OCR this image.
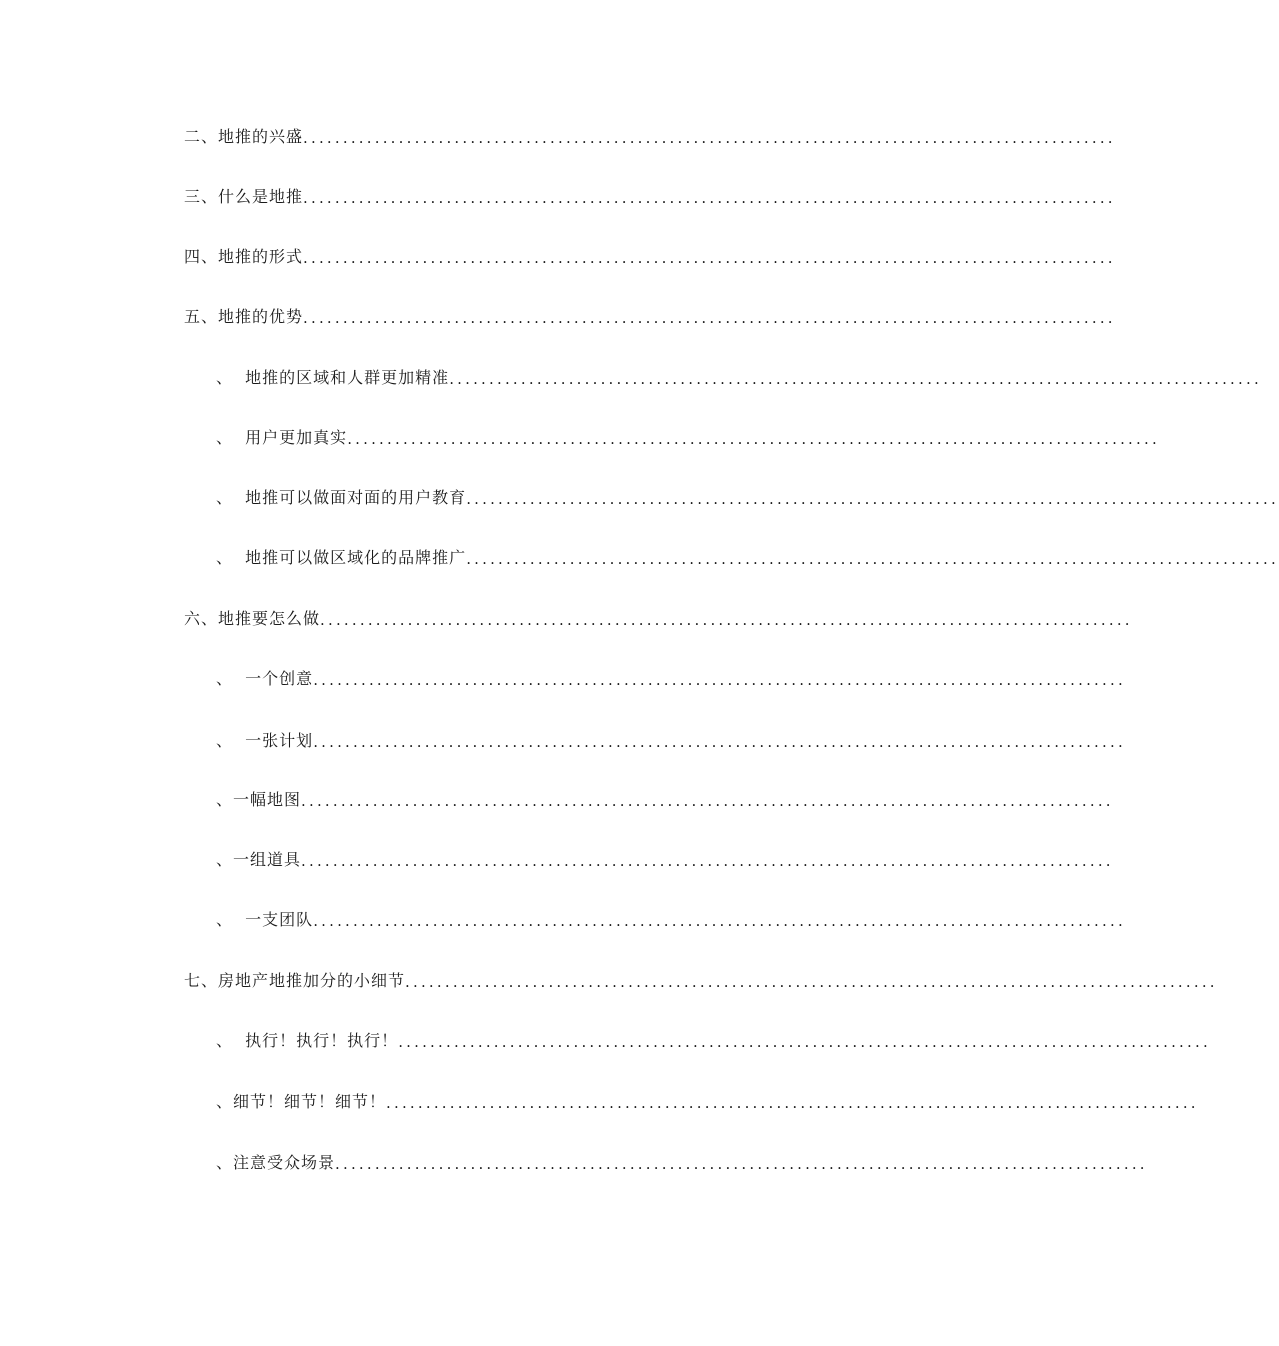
二、地推的兴盛 ......................................................................................................
三、什么是地推 ......................................................................................................
四、地推的形式 ......................................................................................................
五、地推的优势 ......................................................................................................
、  地推的区域和人群更加精准 ......................................................................................................
、  用户更加真实 ......................................................................................................
、  地推可以做面对面的用户教育 ......................................................................................................
、  地推可以做区域化的品牌推广 ......................................................................................................
六、地推要怎么做 ......................................................................................................
、  一个创意 ......................................................................................................
、  一张计划 ......................................................................................................
、一幅地图 ......................................................................................................
、一组道具 ......................................................................................................
、  一支团队 ......................................................................................................
七、房地产地推加分的小细节 ......................................................................................................
、  执行！执行！执行！ ......................................................................................................
、细节！细节！细节！ ......................................................................................................
、注意受众场景 ......................................................................................................
